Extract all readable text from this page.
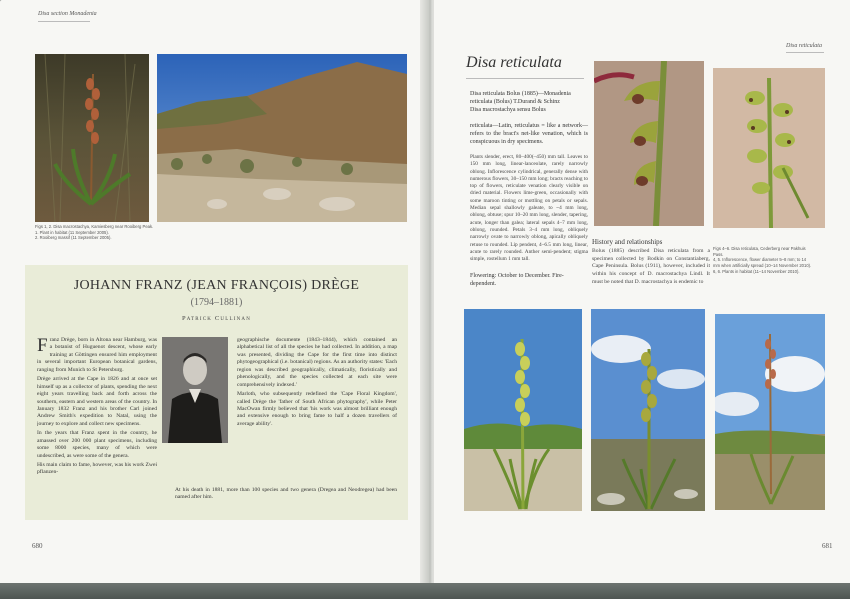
Disa section Monadenia
Figs 1, 2. Disa macrostachya, Kamiesberg near Rooiberg Peak.
1. Plant in habitat (11 September 2005).
2. Rooiberg massif (11 September 2005).
JOHANN FRANZ (JEAN FRANÇOIS) DRÈGE
(1794–1881)
Patrick Cullinan

Franz Drège, born in Altona near Hamburg, was a botanist of Huguenot descent, whose early training at Göttingen ensured him employment in several important European botanical gardens, ranging from Munich to St Petersburg.

Drège arrived at the Cape in 1826 and at once set himself up as a collector of plants, spending the next eight years travelling back and forth across the southern, eastern and western areas of the country. In January 1832 Franz and his brother Carl joined Andrew Smith's expedition to Natal, using the journey to explore and collect new specimens.

In the years that Franz spent in the country, he amassed over 200 000 plant specimens, including some 8000 species, many of which were undescribed, as were some of the genera.

His main claim to fame, however, was his work Zwei pflanzen-

geographische documente (1843–1844), which contained an alphabetical list of all the species he had collected. In addition, a map was presented, dividing the Cape for the first time into distinct phytogeographical (i.e. botanical) regions. As an authority states: 'Each region was described geographically, climatically, floristically and phenologically, and the species collected at each site were comprehensively indexed.'

Marloth, who subsequently redefined the 'Cape Floral Kingdom', called Drège the 'father of South African phytography', while Peter MacOwan firmly believed that 'his work was almost brilliant enough and extensive enough to bring fame to half a dozen travellers of average ability'.

At his death in 1881, more than 100 species and two genera (Dregea and Neodregea) had been named after him.
680
Disa reticulata
Disa reticulata
Disa reticulata Bolus (1885)—Monadenia
reticulata (Bolus) T.Durand & Schinz
Disa macrostachya sensu Bolus
reticulata—Latin, reticulatus = like a network—refers to the bract's net-like venation, which is conspicuous in dry specimens.
Plants slender, erect, 80–400(–450) mm tall. Leaves to 150 mm long, linear-lanceolate, rarely narrowly oblong. Inflorescence cylindrical, generally dense with numerous flowers, 30–150 mm long; bracts reaching to top of flowers, reticulate venation clearly visible on dried material. Flowers lime-green, occasionally with some maroon tinting or mottling on petals or sepals. Median sepal shallowly galeate, to ~4 mm long, oblong, obtuse; spur 10–20 mm long, slender, tapering, acute, longer than galea; lateral sepals 4–7 mm long, oblong, rounded. Petals 3–4 mm long, obliquely narrowly ovate to narrowly oblong, apically obliquely retuse to rounded. Lip pendent, 4–6.5 mm long, linear, acute to rarely rounded. Anther semi-pendent; stigma simple, rostellum 1 mm tall.
Flowering: October to December. Fire-dependent.
History and relationships
Bolus (1885) described Disa reticulata from a specimen collected by Bodkin on Constantiaberg, Cape Peninsula. Bolus (1911), however, included it within his concept of D. macrostachya Lindl. It must be noted that D. macrostachya is endemic to
Figs 4–6. Disa reticulata, Cederberg near Pakhuis Pass.
4, 5. Inflorescence, flower diameter 5–8 mm; to 14 mm when artificially spread (10–14 November 2010).
6, 6. Plants in habitat (11–14 November 2010).
681
